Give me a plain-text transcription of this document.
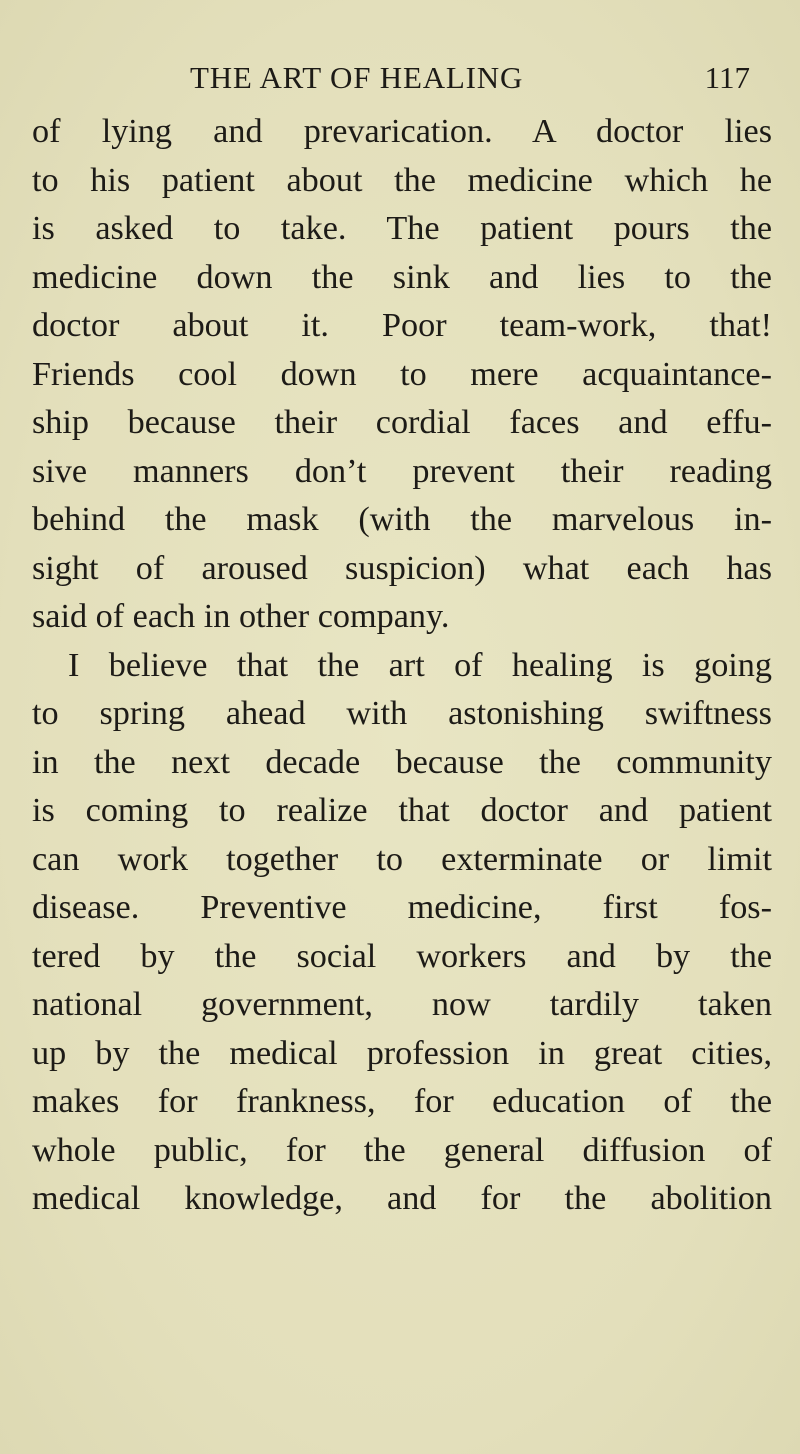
THE ART OF HEALING	117
of lying and prevarication. A doctor lies
to his patient about the medicine which he
is asked to take. The patient pours the
medicine down the sink and lies to the
doctor about it. Poor team-work, that!
Friends cool down to mere acquaintance-
ship because their cordial faces and effu-
sive manners don’t prevent their reading
behind the mask (with the marvelous in-
sight of aroused suspicion) what each has
said of each in other company.
I believe that the art of healing is going
to spring ahead with astonishing swiftness
in the next decade because the community
is coming to realize that doctor and patient
can work together to exterminate or limit
disease. Preventive medicine, first fos-
tered by the social workers and by the
national government, now tardily taken
up by the medical profession in great cities,
makes for frankness, for education of the
whole public, for the general diffusion of
medical knowledge, and for the abolition
